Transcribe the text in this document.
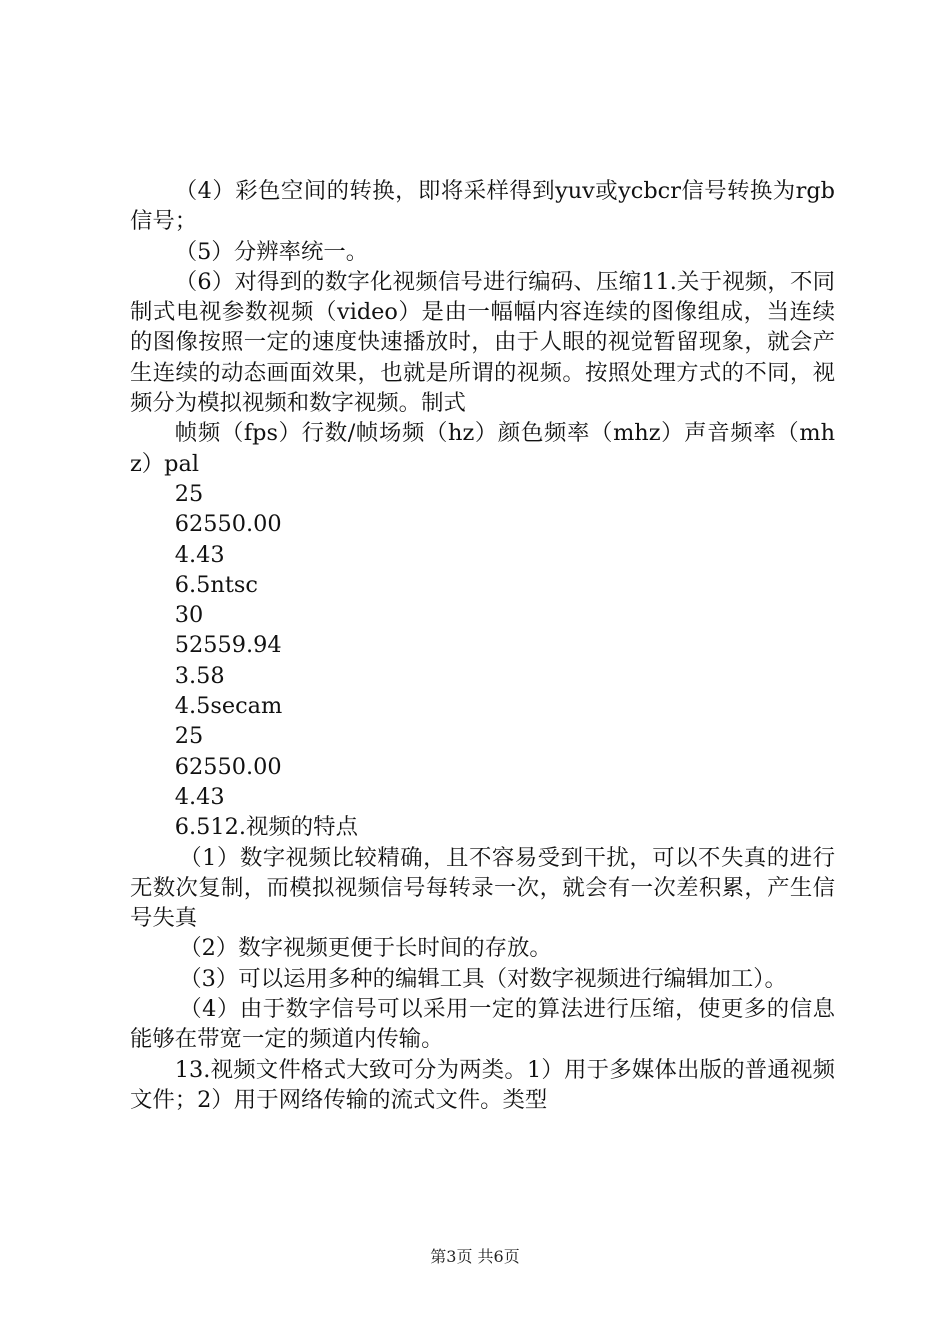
（4）彩色空间的转换，即将采样得到yuv或ycbcr信号转换为rgb信号；

（5）分辨率统一。

（6）对得到的数字化视频信号进行编码、压缩11.关于视频，不同制式电视参数视频（video）是由一幅幅内容连续的图像组成，当连续的图像按照一定的速度快速播放时，由于人眼的视觉暂留现象，就会产生连续的动态画面效果，也就是所谓的视频。按照处理方式的不同，视频分为模拟视频和数字视频。制式

帧频（fps）行数/帧场频（hz）颜色频率（mhz）声音频率（mhz）pal

25

62550.00

4.43

6.5ntsc

30

52559.94

3.58

4.5secam

25

62550.00

4.43

6.512.视频的特点

（1）数字视频比较精确，且不容易受到干扰，可以不失真的进行无数次复制，而模拟视频信号每转录一次，就会有一次差积累，产生信号失真

（2）数字视频更便于长时间的存放。

（3）可以运用多种的编辑工具（对数字视频进行编辑加工）。

（4）由于数字信号可以采用一定的算法进行压缩，使更多的信息能够在带宽一定的频道内传输。

13.视频文件格式大致可分为两类。1）用于多媒体出版的普通视频文件；2）用于网络传输的流式文件。类型

第3页 共6页
